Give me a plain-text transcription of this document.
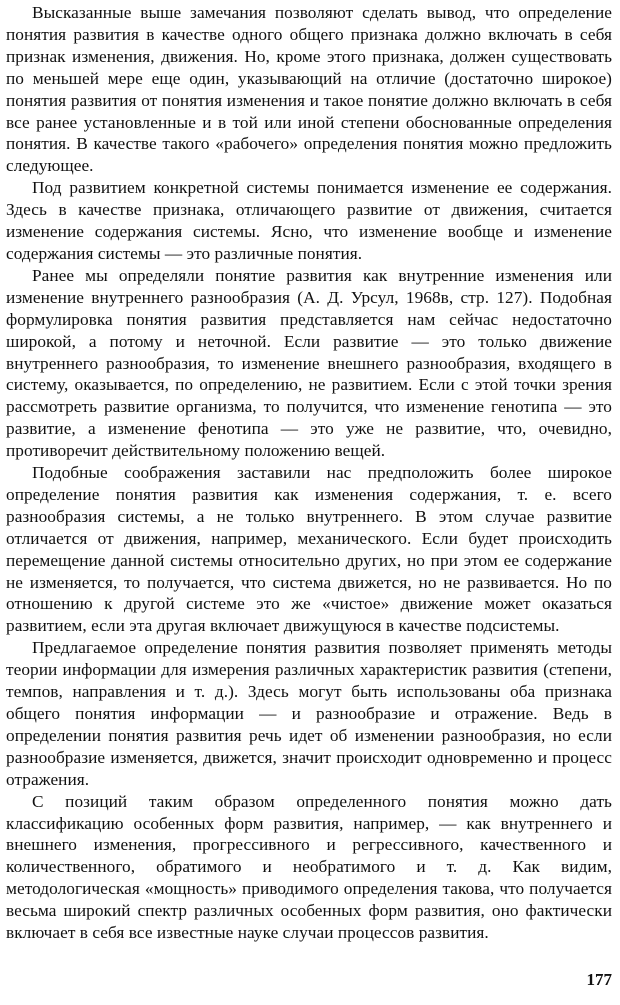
Высказанные выше замечания позволяют сделать вывод, что определение понятия развития в качестве одного общего признака должно включать в себя признак изменения, движения. Но, кроме этого признака, должен существовать по меньшей мере еще один, указывающий на отличие (достаточно широкое) понятия развития от понятия изменения и такое понятие должно включать в себя все ранее установленные и в той или иной степени обоснованные определения понятия. В качестве такого «рабочего» определения понятия можно предложить следующее.

Под развитием конкретной системы понимается изменение ее содержания. Здесь в качестве признака, отличающего развитие от движения, считается изменение содержания системы. Ясно, что изменение вообще и изменение содержания системы — это различные понятия.

Ранее мы определяли понятие развития как внутренние изменения или изменение внутреннего разнообразия (А. Д. Урсул, 1968в, стр. 127). Подобная формулировка понятия развития представляется нам сейчас недостаточно широкой, а потому и неточной. Если развитие — это только движение внутреннего разнообразия, то изменение внешнего разнообразия, входящего в систему, оказывается, по определению, не развитием. Если с этой точки зрения рассмотреть развитие организма, то получится, что изменение генотипа — это развитие, а изменение фенотипа — это уже не развитие, что, очевидно, противоречит действительному положению вещей.

Подобные соображения заставили нас предположить более широкое определение понятия развития как изменения содержания, т. е. всего разнообразия системы, а не только внутреннего. В этом случае развитие отличается от движения, например, механического. Если будет происходить перемещение данной системы относительно других, но при этом ее содержание не изменяется, то получается, что система движется, но не развивается. Но по отношению к другой системе это же «чистое» движение может оказаться развитием, если эта другая включает движущуюся в качестве подсистемы.

Предлагаемое определение понятия развития позволяет применять методы теории информации для измерения различных характеристик развития (степени, темпов, направления и т. д.). Здесь могут быть использованы оба признака общего понятия информации — и разнообразие и отражение. Ведь в определении понятия развития речь идет об изменении разнообразия, но если разнообразие изменяется, движется, значит происходит одновременно и процесс отражения.

С позиций таким образом определенного понятия можно дать классификацию особенных форм развития, например, — как внутреннего и внешнего изменения, прогрессивного и регрессивного, качественного и количественного, обратимого и необратимого и т. д. Как видим, методологическая «мощность» приводимого определения такова, что получается весьма широкий спектр различных особенных форм развития, оно фактически включает в себя все известные науке случаи процессов развития.

177
